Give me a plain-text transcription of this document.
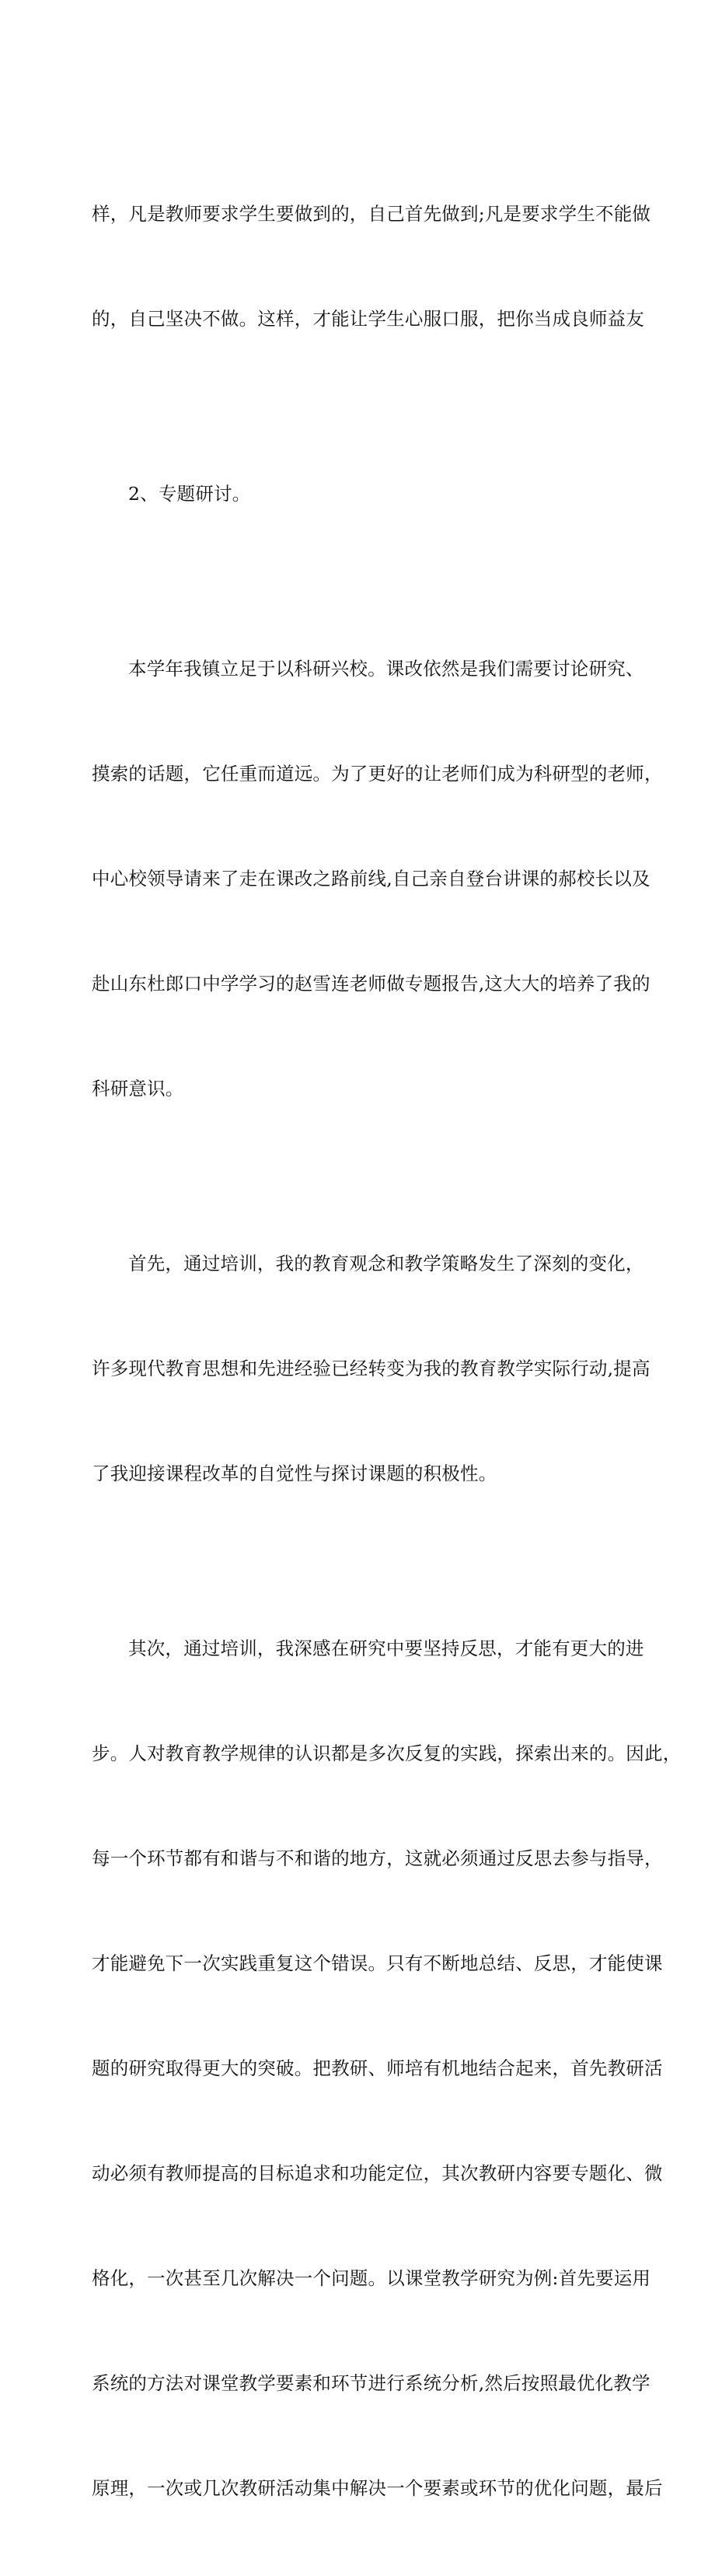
样，凡是教师要求学生要做到的，自己首先做到;凡是要求学生不能做

的，自己坚决不做。这样，才能让学生心服口服，把你当成良师益友

2、专题研讨。

本学年我镇立足于以科研兴校。课改依然是我们需要讨论研究、

摸索的话题，它任重而道远。为了更好的让老师们成为科研型的老师，

中心校领导请来了走在课改之路前线,自己亲自登台讲课的郝校长以及

赴山东杜郎口中学学习的赵雪连老师做专题报告,这大大的培养了我的

科研意识。

首先，通过培训，我的教育观念和教学策略发生了深刻的变化，

许多现代教育思想和先进经验已经转变为我的教育教学实际行动,提高

了我迎接课程改革的自觉性与探讨课题的积极性。

其次，通过培训，我深感在研究中要坚持反思，才能有更大的进

步。人对教育教学规律的认识都是多次反复的实践，探索出来的。因此，

每一个环节都有和谐与不和谐的地方，这就必须通过反思去参与指导，

才能避免下一次实践重复这个错误。只有不断地总结、反思，才能使课

题的研究取得更大的突破。把教研、师培有机地结合起来，首先教研活

动必须有教师提高的目标追求和功能定位，其次教研内容要专题化、微

格化，一次甚至几次解决一个问题。以课堂教学研究为例:首先要运用

系统的方法对课堂教学要素和环节进行系统分析,然后按照最优化教学

原理，一次或几次教研活动集中解决一个要素或环节的优化问题，最后
